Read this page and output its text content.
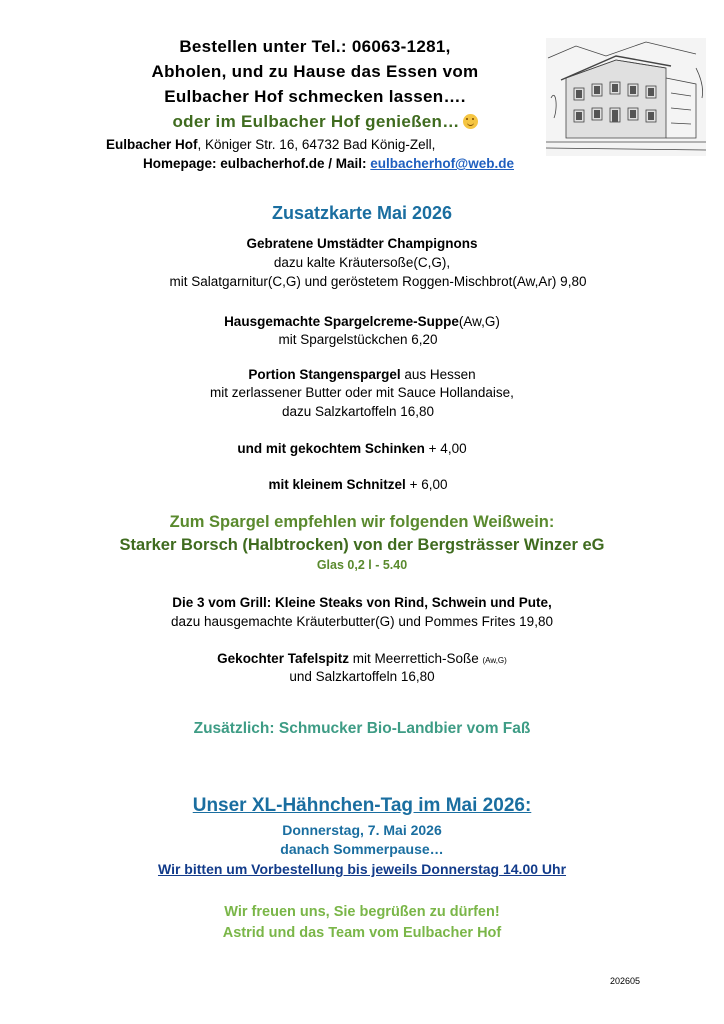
Bestellen unter Tel.: 06063-1281,
Abholen, und zu Hause das Essen vom
Eulbacher Hof schmecken lassen….
oder im Eulbacher Hof genießen…
Eulbacher Hof, Königer Str. 16, 64732 Bad König-Zell,
Homepage: eulbacherhof.de / Mail: eulbacherhof@web.de
Zusatzkarte Mai 2026
Gebratene Umstädter Champignons
dazu kalte Kräutersoße(C,G),
mit Salatgarnitur(C,G) und geröstetem Roggen-Mischbrot(Aw,Ar) 9,80
Hausgemachte Spargelcreme-Suppe(Aw,G)
mit Spargelstückchen 6,20
Portion Stangenspargel aus Hessen
mit zerlassener Butter oder mit Sauce Hollandaise,
dazu Salzkartoffeln 16,80
und mit gekochtem Schinken + 4,00
mit kleinem Schnitzel + 6,00
Zum Spargel empfehlen wir folgenden Weißwein:
Starker Borsch (Halbtrocken) von der Bergsträsser Winzer eG
Glas 0,2 l - 5.40
Die 3 vom Grill: Kleine Steaks von Rind, Schwein und Pute,
dazu hausgemachte Kräuterbutter(G) und Pommes Frites 19,80
Gekochter Tafelspitz mit Meerrettich-Soße (Aw,G)
und Salzkartoffeln 16,80
Zusätzlich: Schmucker Bio-Landbier vom Faß
Unser XL-Hähnchen-Tag im Mai 2026:
Donnerstag, 7. Mai 2026
danach Sommerpause…
Wir bitten um Vorbestellung bis jeweils Donnerstag 14.00 Uhr
Wir freuen uns, Sie begrüßen zu dürfen!
Astrid und das Team vom Eulbacher Hof
202605
